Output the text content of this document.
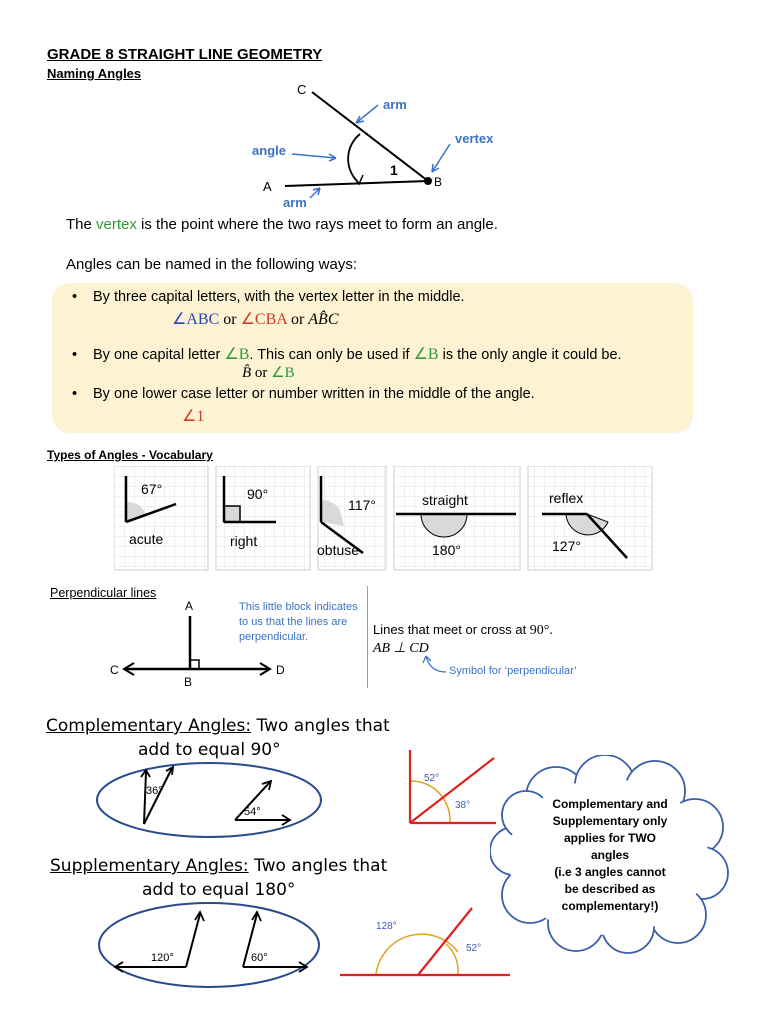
GRADE 8 STRAIGHT LINE GEOMETRY
Naming Angles
C
A	B
arm
angle
vertex
arm
1
The vertex is the point where the two rays meet to form an angle.
Angles can be named in the following ways:
• By three capital letters, with the vertex letter in the middle.
∠ABC or ∠CBA or AB̂C
• By one capital letter ∠B. This can only be used if ∠B is the only angle it could be.
B̂ or ∠B
• By one lower case letter or number written in the middle of the angle.
∠1
Types of Angles - Vocabulary
67°
acute
90°
right
117°
obtuse
straight
180°
reflex
127°
Perpendicular lines
A
C	D
B
This little block indicates to us that the lines are perpendicular.	Lines that meet or cross at 90°.
AB ⊥ CD
Symbol for ‘perpendicular’
Complementary Angles: Two angles that
add to equal 90°
36°
54°
52°
38°
Supplementary Angles: Two angles that
add to equal 180°
120°	60°
128°
52°
Complementary and
Supplementary only
applies for TWO
angles
(i.e 3 angles cannot
be described as
complementary!)
